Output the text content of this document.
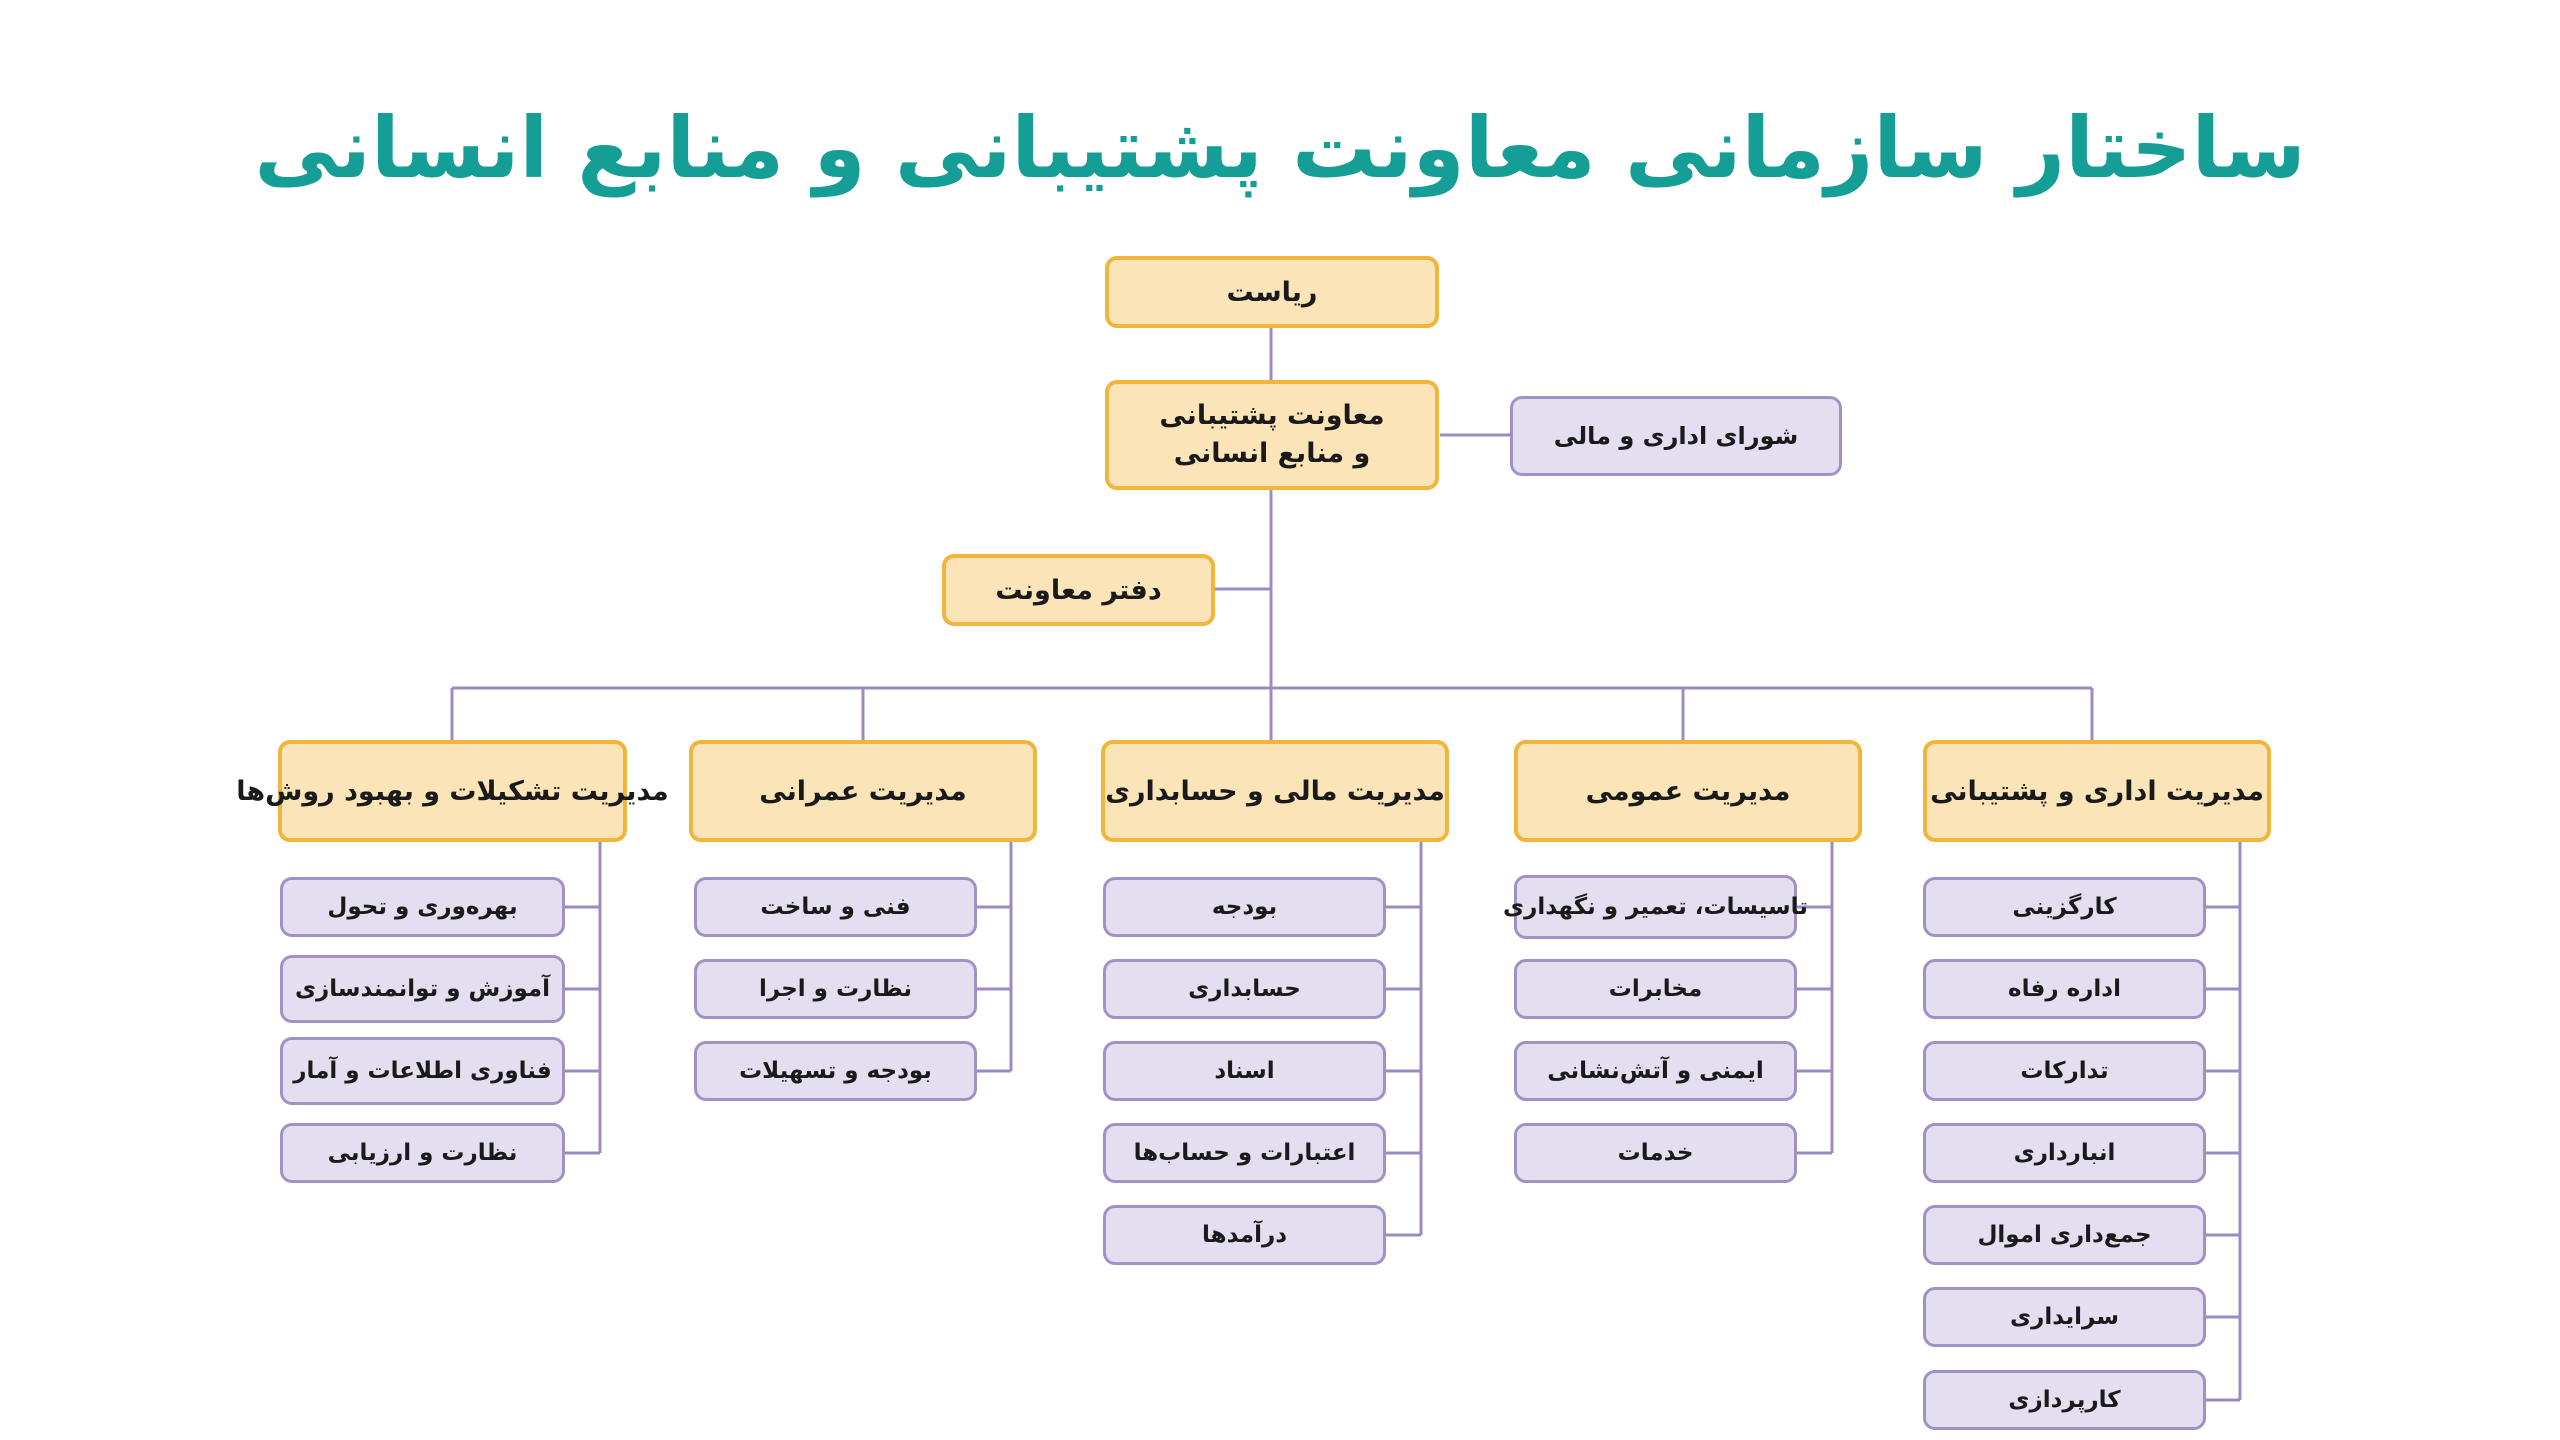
ساختار سازمانی معاونت پشتیبانی و منابع انسانی
ریاست
معاونت پشتیبانی
و منابع انسانی
شورای اداری و مالی
دفتر معاونت
مدیریت اداری و پشتیبانی
مدیریت عمومی
مدیریت مالی و حسابداری
مدیریت عمرانی
مدیریت تشکیلات و بهبود روش‌ها
کارگزینی
اداره رفاه
تدارکات
انبارداری
جمع‌داری اموال
سرایداری
کارپردازی
تاسیسات، تعمیر و نگهداری
مخابرات
ایمنی و آتش‌نشانی
خدمات
بودجه
حسابداری
اسناد
اعتبارات و حساب‌ها
درآمدها
فنی و ساخت
نظارت و اجرا
بودجه و تسهیلات
بهره‌وری و تحول
آموزش و توانمندسازی
فناوری اطلاعات و آمار
نظارت و ارزیابی
